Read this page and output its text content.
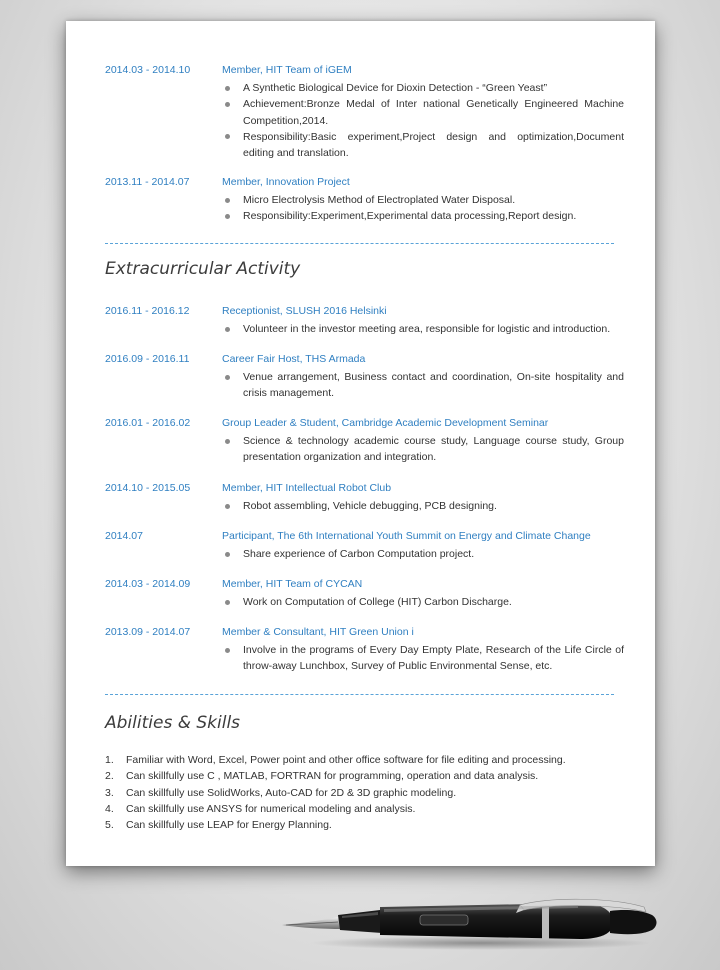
2014.03 - 2014.10	Member, HIT Team of iGEM
A Synthetic Biological Device for Dioxin Detection - “Green Yeast”
Achievement:Bronze Medal of Inter national Genetically Engineered Machine Competition,2014.
Responsibility:Basic experiment,Project design and optimization,Document editing and translation.
2013.11 - 2014.07	Member, Innovation Project
Micro Electrolysis Method of Electroplated Water Disposal.
Responsibility:Experiment,Experimental data processing,Report design.
Extracurricular Activity
2016.11 - 2016.12	Receptionist, SLUSH 2016 Helsinki
Volunteer in the investor meeting area, responsible for logistic and introduction.
2016.09 - 2016.11	Career Fair Host, THS Armada
Venue arrangement, Business contact and coordination, On-site hospitality and crisis management.
2016.01 - 2016.02	Group Leader & Student, Cambridge Academic Development Seminar
Science & technology academic course study, Language course study, Group presentation organization and integration.
2014.10 - 2015.05	Member, HIT Intellectual Robot Club
Robot assembling, Vehicle debugging, PCB designing.
2014.07	Participant, The 6th International Youth Summit on Energy and Climate Change
Share experience of Carbon Computation project.
2014.03 - 2014.09	Member, HIT Team of CYCAN
Work on Computation of College (HIT) Carbon Discharge.
2013.09 - 2014.07	Member & Consultant, HIT Green Union i
Involve in the programs of Every Day Empty Plate, Research of the Life Circle of throw-away Lunchbox, Survey of Public Environmental Sense, etc.
Abilities & Skills
1. Familiar with Word, Excel, Power point and other office software for file editing and processing.
2. Can skillfully use C , MATLAB, FORTRAN for programming, operation and data analysis.
3. Can skillfully use SolidWorks, Auto-CAD for 2D & 3D graphic modeling.
4. Can skillfully use ANSYS for numerical modeling and analysis.
5. Can skillfully use LEAP for Energy Planning.
